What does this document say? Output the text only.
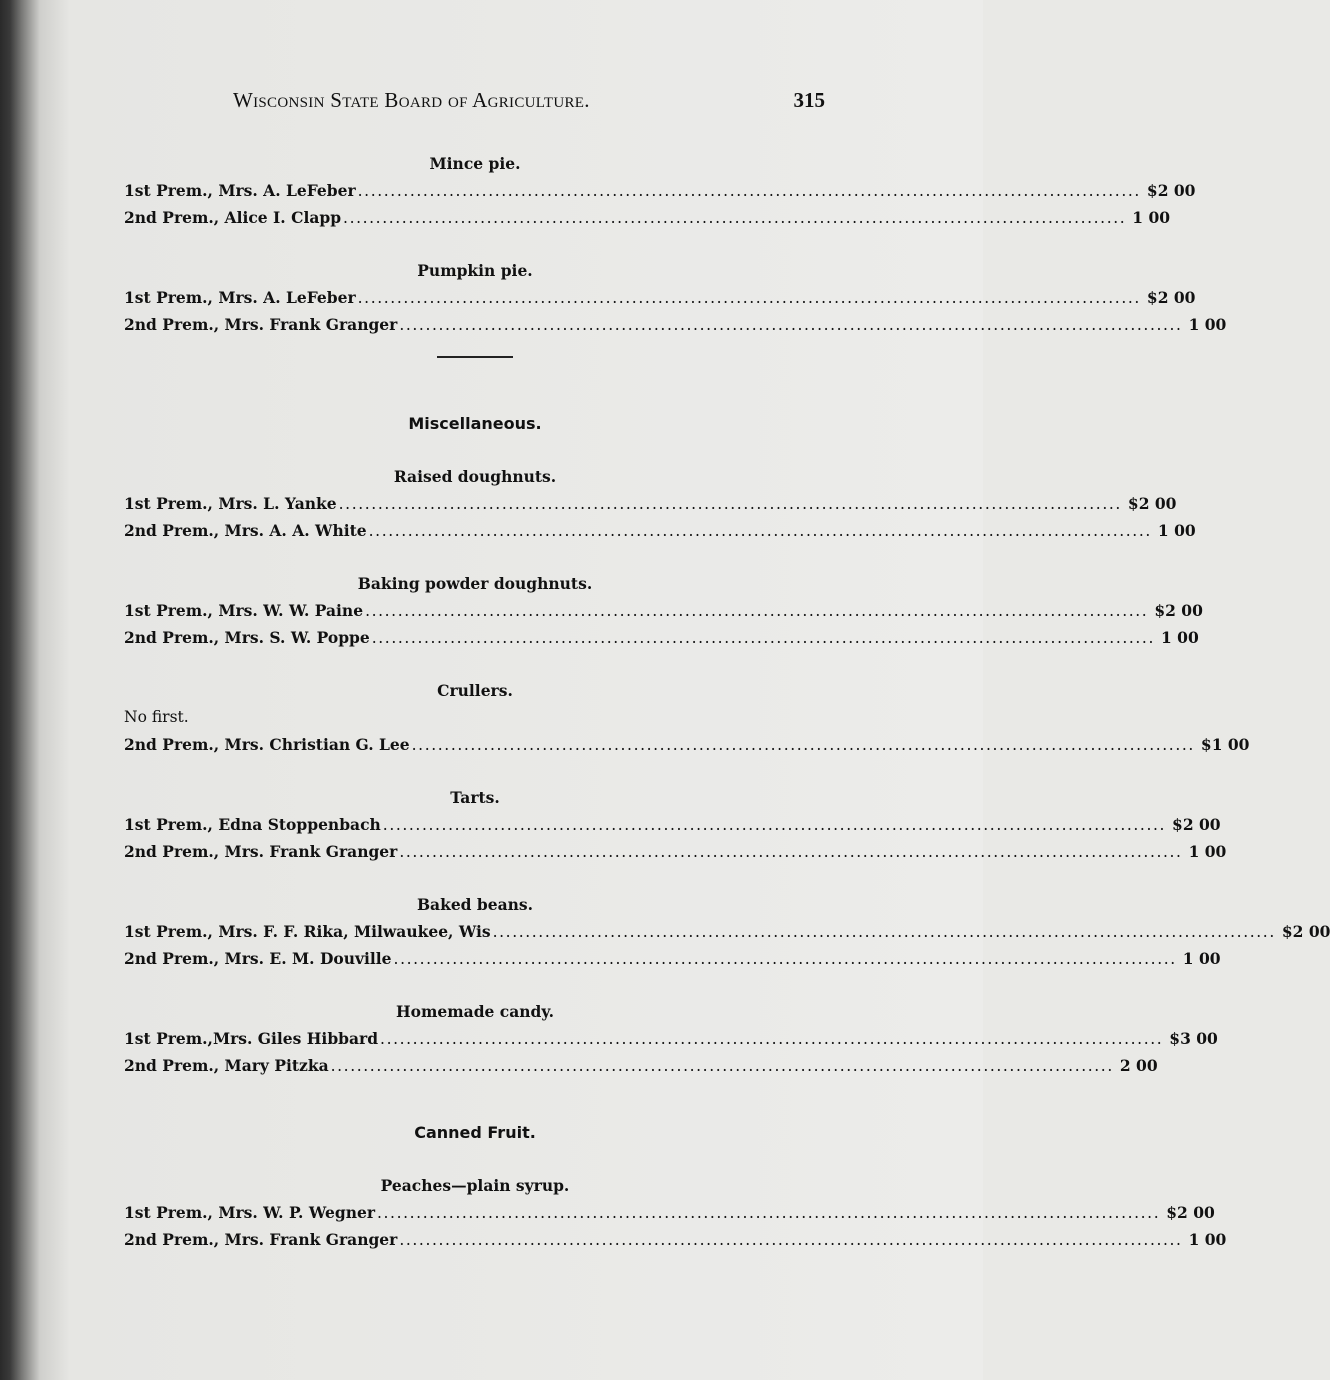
Wisconsin State Board of Agriculture.	315
Mince pie.
1st Prem., Mrs. A. LeFeber ........................................................................................................................ $2 00
2nd Prem., Alice I. Clapp ........................................................................................................................ 1 00
Pumpkin pie.
1st Prem., Mrs. A. LeFeber ........................................................................................................................ $2 00
2nd Prem., Mrs. Frank Granger ........................................................................................................................ 1 00
Miscellaneous.
Raised doughnuts.
1st Prem., Mrs. L. Yanke ........................................................................................................................ $2 00
2nd Prem., Mrs. A. A. White ........................................................................................................................ 1 00
Baking powder doughnuts.
1st Prem., Mrs. W. W. Paine ........................................................................................................................ $2 00
2nd Prem., Mrs. S. W. Poppe ........................................................................................................................ 1 00
Crullers.
No first.
2nd Prem., Mrs. Christian G. Lee ........................................................................................................................ $1 00
Tarts.
1st Prem., Edna Stoppenbach ........................................................................................................................ $2 00
2nd Prem., Mrs. Frank Granger ........................................................................................................................ 1 00
Baked beans.
1st Prem., Mrs. F. F. Rika, Milwaukee, Wis ........................................................................................................................ $2 00
2nd Prem., Mrs. E. M. Douville ........................................................................................................................ 1 00
Homemade candy.
1st Prem.,Mrs. Giles Hibbard ........................................................................................................................ $3 00
2nd Prem., Mary Pitzka ........................................................................................................................ 2 00
Canned Fruit.
Peaches—plain syrup.
1st Prem., Mrs. W. P. Wegner ........................................................................................................................ $2 00
2nd Prem., Mrs. Frank Granger ........................................................................................................................ 1 00
